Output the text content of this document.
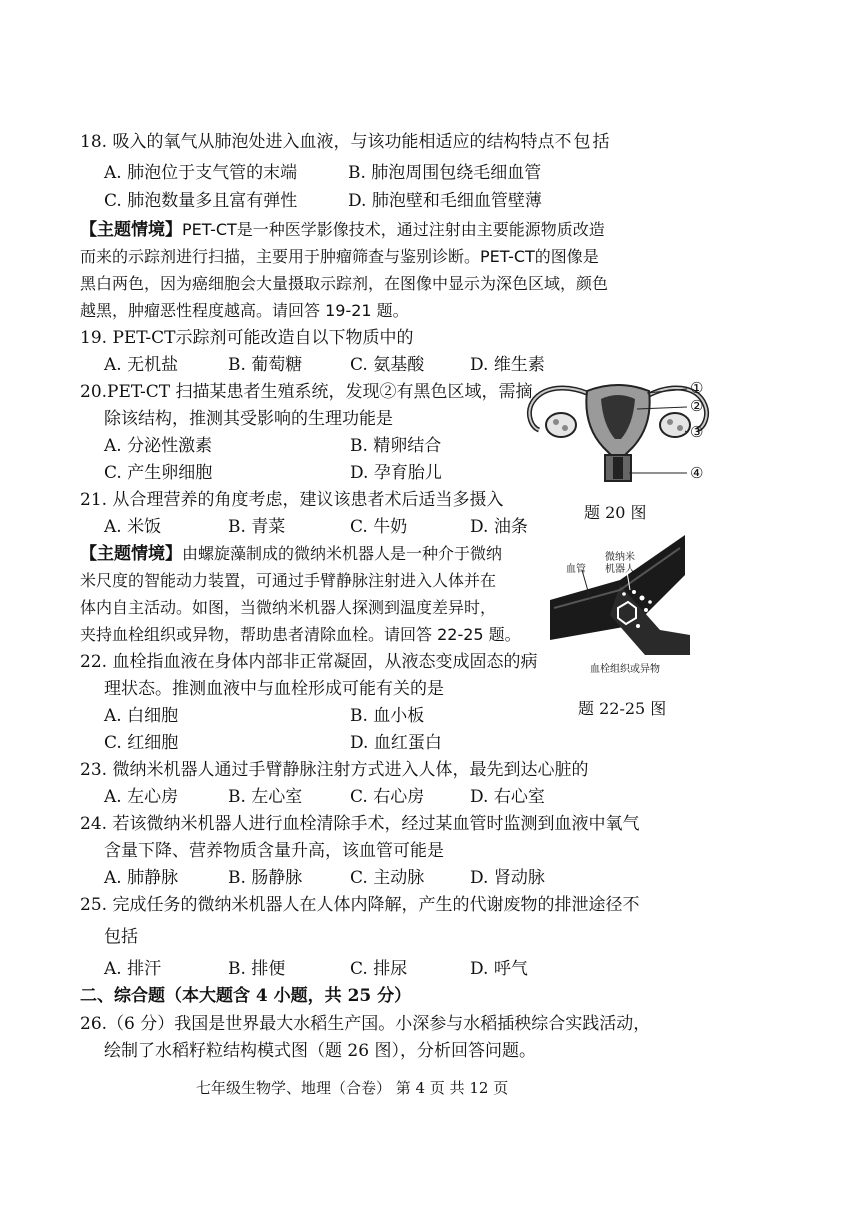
18. 吸入的氧气从肺泡处进入血液，与该功能相适应的结构特点不包括
A. 肺泡位于支气管的末端	B. 肺泡周围包绕毛细血管
C. 肺泡数量多且富有弹性	D. 肺泡壁和毛细血管壁薄
【主题情境】PET-CT是一种医学影像技术，通过注射由主要能源物质改造
而来的示踪剂进行扫描，主要用于肿瘤筛查与鉴别诊断。PET-CT的图像是
黑白两色，因为癌细胞会大量摄取示踪剂，在图像中显示为深色区域，颜色
越黑，肿瘤恶性程度越高。请回答 19-21 题。
19. PET-CT示踪剂可能改造自以下物质中的
A. 无机盐	B. 葡萄糖	C. 氨基酸	D. 维生素
20.PET-CT 扫描某患者生殖系统，发现②有黑色区域，需摘
除该结构，推测其受影响的生理功能是
A. 分泌性激素	B. 精卵结合
C. 产生卵细胞	D. 孕育胎儿
①
②
③
④
题 20 图
21. 从合理营养的角度考虑，建议该患者术后适当多摄入
A. 米饭	B. 青菜	C. 牛奶	D. 油条
【主题情境】由螺旋藻制成的微纳米机器人是一种介于微纳
米尺度的智能动力装置，可通过手臂静脉注射进入人体并在
体内自主活动。如图，当微纳米机器人探测到温度差异时，
夹持血栓组织或异物，帮助患者清除血栓。请回答 22-25 题。
血管
微纳米
机器人
血栓组织或异物
题 22-25 图
22. 血栓指血液在身体内部非正常凝固，从液态变成固态的病
理状态。推测血液中与血栓形成可能有关的是
A. 白细胞	B. 血小板
C. 红细胞	D. 血红蛋白
23. 微纳米机器人通过手臂静脉注射方式进入人体，最先到达心脏的
A. 左心房	B. 左心室	C. 右心房	D. 右心室
24. 若该微纳米机器人进行血栓清除手术，经过某血管时监测到血液中氧气
含量下降、营养物质含量升高，该血管可能是
A. 肺静脉	B. 肠静脉	C. 主动脉	D. 肾动脉
25. 完成任务的微纳米机器人在人体内降解，产生的代谢废物的排泄途径不
包括
A. 排汗	B. 排便	C. 排尿	D. 呼气
二、综合题（本大题含 4 小题，共 25 分）
26.（6 分）我国是世界最大水稻生产国。小深参与水稻插秧综合实践活动，
绘制了水稻籽粒结构模式图（题 26 图），分析回答问题。
七年级生物学、地理（合卷） 第 4 页 共 12 页
